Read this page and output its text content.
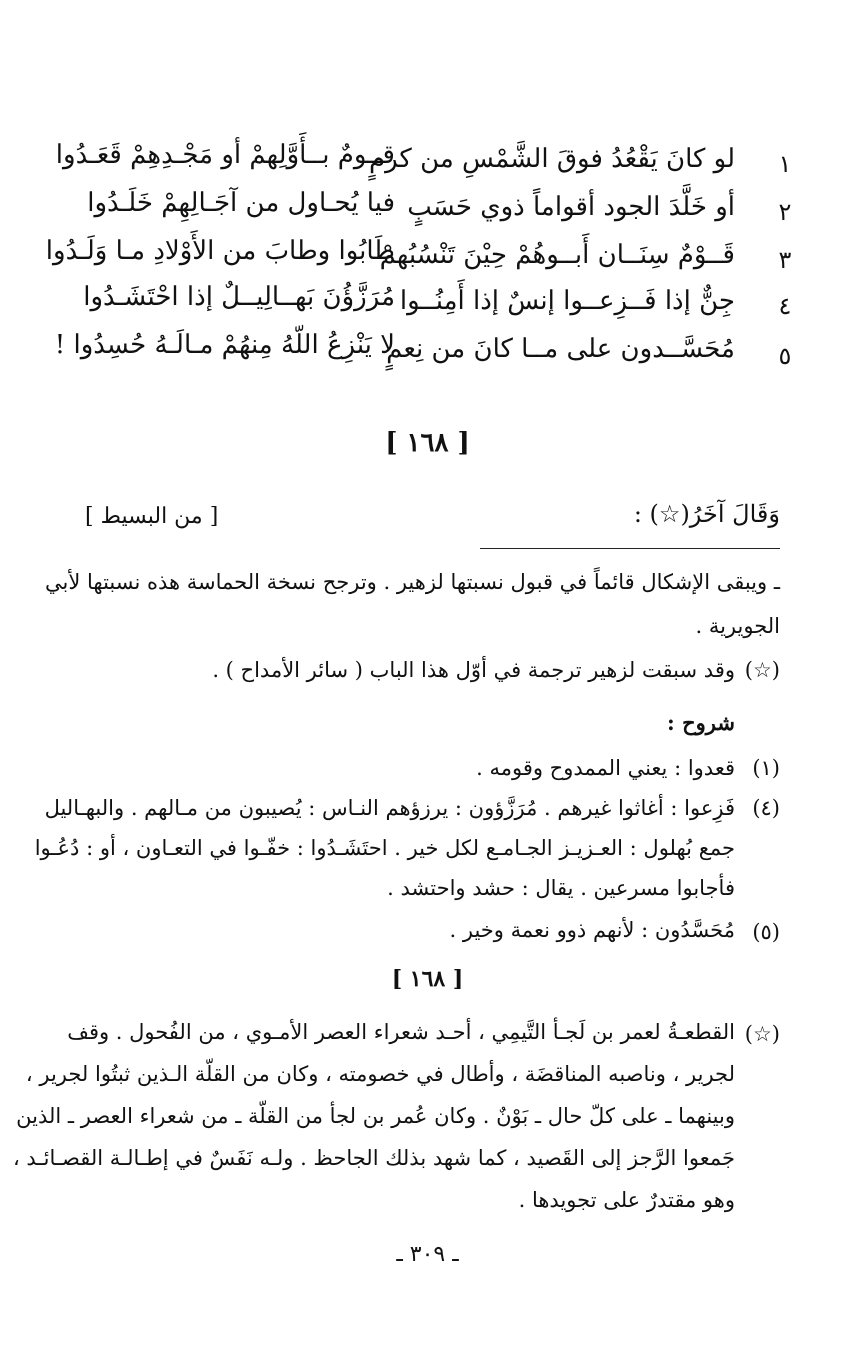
١
لو كانَ يَقْعُدُ فوقَ الشَّمْسِ من كرمٍ
قــومٌ بــأَوَّلِهمْ أو مَجْـدِهِمْ قَعَـدُوا
٢
أو خَلَّدَ الجود أقواماً ذوي حَسَبٍ
فيا يُحـاول من آجَـالِهِمْ خَلَـدُوا
٣
قَــوْمٌ سِنَــان أَبــوهُمْ حِيْنَ تَنْسُبُهمْ
طَابُوا وطابَ من الأَوْلادِ مـا وَلَـدُوا
٤
جِنٌّ إذا فَــزِعــوا إنسٌ إذا أَمِنُــوا
مُرَزَّؤُنَ بَهــالِيــلٌ إذا احْتَشَـدُوا
٥
مُحَسَّــدون على مــا كانَ من نِعمٍ
لا يَنْزِعُ اللّهُ مِنهُمْ مـالَـهُ حُسِدُوا !
[ ١٦٨ ]
وَقَالَ آخَرُ(☆) :
[ من البسيط ]
ـ ويبقى الإشكال قائماً في قبول نسبتها لزهير . وترجح نسخة الحماسة هذه نسبتها لأبي
الجويرية .
(☆)
وقد سبقت لزهير ترجمة في أوّل هذا الباب ( سائر الأمداح ) .
شروح :
(١)
قعدوا : يعني الممدوح وقومه .
(٤)
فَزِعوا : أغاثوا غيرهم . مُرَزَّؤون : يرزؤهم النـاس : يُصيبون من مـالهم . والبهـاليل
جمع بُهلول : العـزيـز الجـامـع لكل خير . احتَشَـدُوا : خفّـوا في التعـاون ، أو : دُعُـوا
فأجابوا مسرعين . يقال : حشد واحتشد .
(٥)
مُحَسَّدُون : لأنهم ذوو نعمة وخير .
[ ١٦٨ ]
(☆)
القطعـةُ لعمر بن لَجـأ التَّيمِي ، أحـد شعراء العصر الأمـوي ، من الفُحول . وقف
لجرير ، وناصبه المناقضَة ، وأطال في خصومته ، وكان من القلّة الـذين ثبتُوا لجرير ،
وبينهما ـ على كلّ حال ـ بَوْنٌ . وكان عُمر بن لجأ من القلّة ـ من شعراء العصر ـ الذين
جَمعوا الرَّجز إلى القَصيد ، كما شهد بذلك الجاحظ . ولـه نَفَسٌ في إطـالـة القصـائـد ،
وهو مقتدرٌ على تجويدها .
ـ ٣٠٩ ـ
